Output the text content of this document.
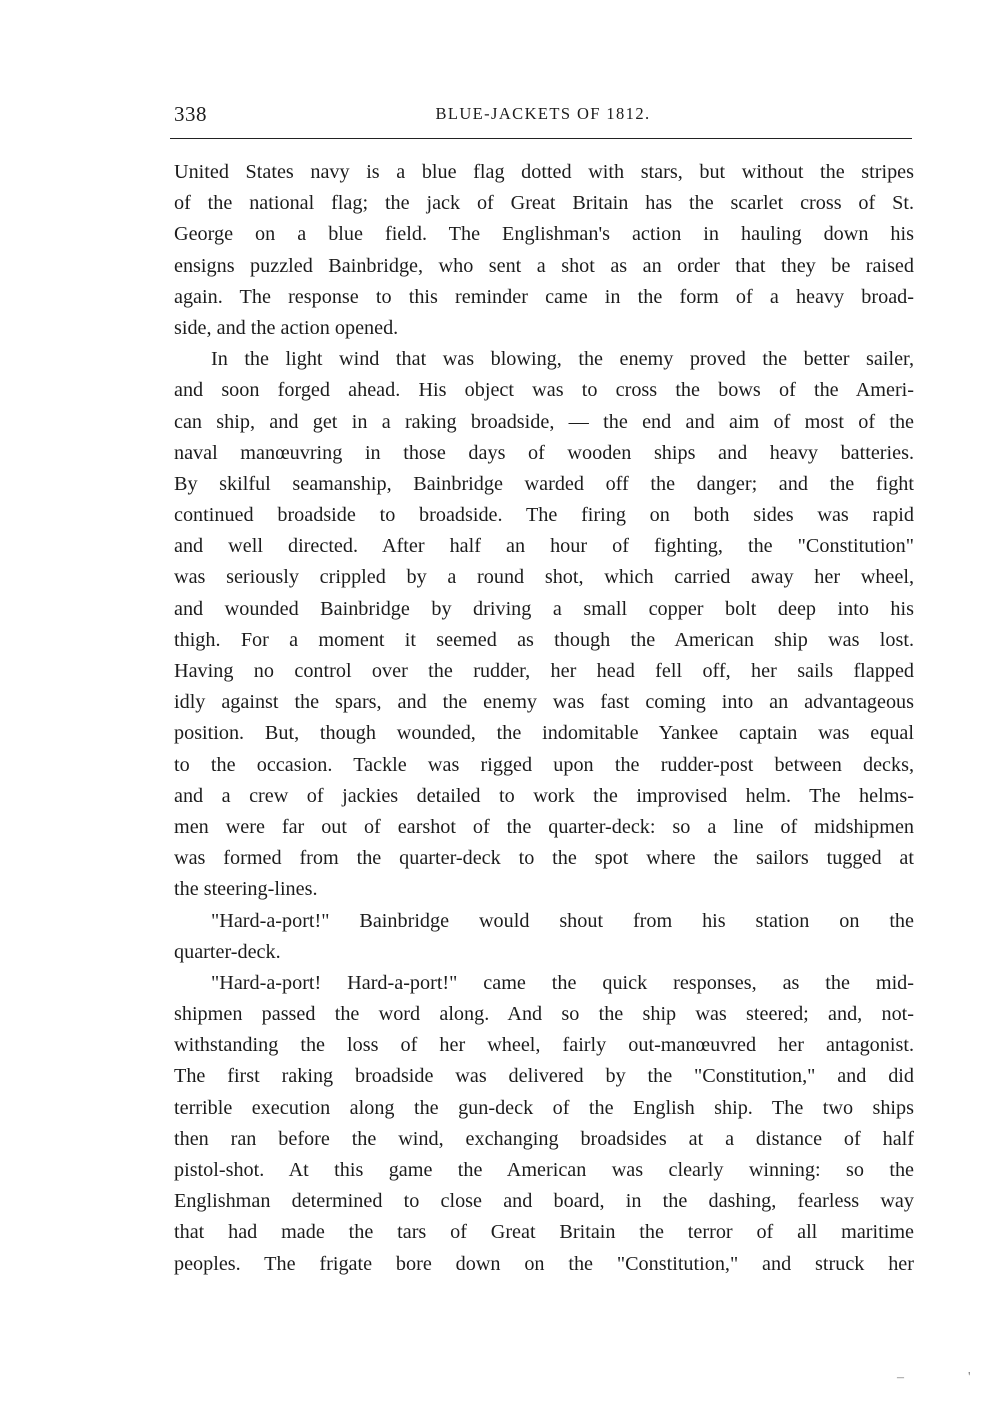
338	BLUE-JACKETS OF 1812.
United States navy is a blue flag dotted with stars, but without the stripes
of the national flag; the jack of Great Britain has the scarlet cross of St.
George on a blue field. The Englishman's action in hauling down his
ensigns puzzled Bainbridge, who sent a shot as an order that they be raised
again. The response to this reminder came in the form of a heavy broad-
side, and the action opened.
In the light wind that was blowing, the enemy proved the better sailer,
and soon forged ahead. His object was to cross the bows of the Ameri-
can ship, and get in a raking broadside, — the end and aim of most of the
naval manœuvring in those days of wooden ships and heavy batteries.
By skilful seamanship, Bainbridge warded off the danger; and the fight
continued broadside to broadside. The firing on both sides was rapid
and well directed. After half an hour of fighting, the "Constitution"
was seriously crippled by a round shot, which carried away her wheel,
and wounded Bainbridge by driving a small copper bolt deep into his
thigh. For a moment it seemed as though the American ship was lost.
Having no control over the rudder, her head fell off, her sails flapped
idly against the spars, and the enemy was fast coming into an advantageous
position. But, though wounded, the indomitable Yankee captain was equal
to the occasion. Tackle was rigged upon the rudder-post between decks,
and a crew of jackies detailed to work the improvised helm. The helms-
men were far out of earshot of the quarter-deck: so a line of midshipmen
was formed from the quarter-deck to the spot where the sailors tugged at
the steering-lines.
"Hard-a-port!" Bainbridge would shout from his station on the
quarter-deck.
"Hard-a-port! Hard-a-port!" came the quick responses, as the mid-
shipmen passed the word along. And so the ship was steered; and, not-
withstanding the loss of her wheel, fairly out-manœuvred her antagonist.
The first raking broadside was delivered by the "Constitution," and did
terrible execution along the gun-deck of the English ship. The two ships
then ran before the wind, exchanging broadsides at a distance of half
pistol-shot. At this game the American was clearly winning: so the
Englishman determined to close and board, in the dashing, fearless way
that had made the tars of Great Britain the terror of all maritime
peoples. The frigate bore down on the "Constitution," and struck her
–	'
